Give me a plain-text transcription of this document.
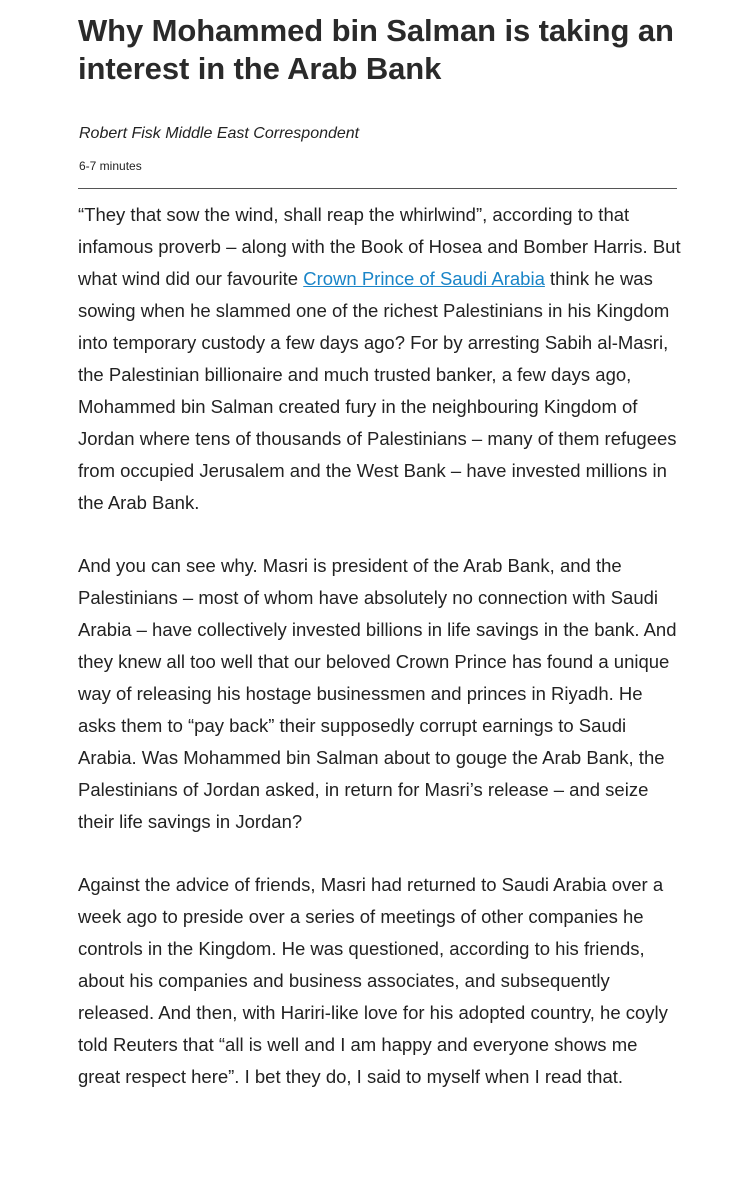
Why Mohammed bin Salman is taking an interest in the Arab Bank

Robert Fisk Middle East Correspondent

6-7 minutes

“They that sow the wind, shall reap the whirlwind”, according to that infamous proverb – along with the Book of Hosea and Bomber Harris. But what wind did our favourite Crown Prince of Saudi Arabia think he was sowing when he slammed one of the richest Palestinians in his Kingdom into temporary custody a few days ago? For by arresting Sabih al-Masri, the Palestinian billionaire and much trusted banker, a few days ago, Mohammed bin Salman created fury in the neighbouring Kingdom of Jordan where tens of thousands of Palestinians – many of them refugees from occupied Jerusalem and the West Bank – have invested millions in the Arab Bank.

And you can see why. Masri is president of the Arab Bank, and the Palestinians – most of whom have absolutely no connection with Saudi Arabia – have collectively invested billions in life savings in the bank. And they knew all too well that our beloved Crown Prince has found a unique way of releasing his hostage businessmen and princes in Riyadh. He asks them to “pay back” their supposedly corrupt earnings to Saudi Arabia. Was Mohammed bin Salman about to gouge the Arab Bank, the Palestinians of Jordan asked, in return for Masri’s release – and seize their life savings in Jordan?

Against the advice of friends, Masri had returned to Saudi Arabia over a week ago to preside over a series of meetings of other companies he controls in the Kingdom. He was questioned, according to his friends, about his companies and business associates, and subsequently released. And then, with Hariri-like love for his adopted country, he coyly told Reuters that “all is well and I am happy and everyone shows me great respect here”. I bet they do, I said to myself when I read that.
